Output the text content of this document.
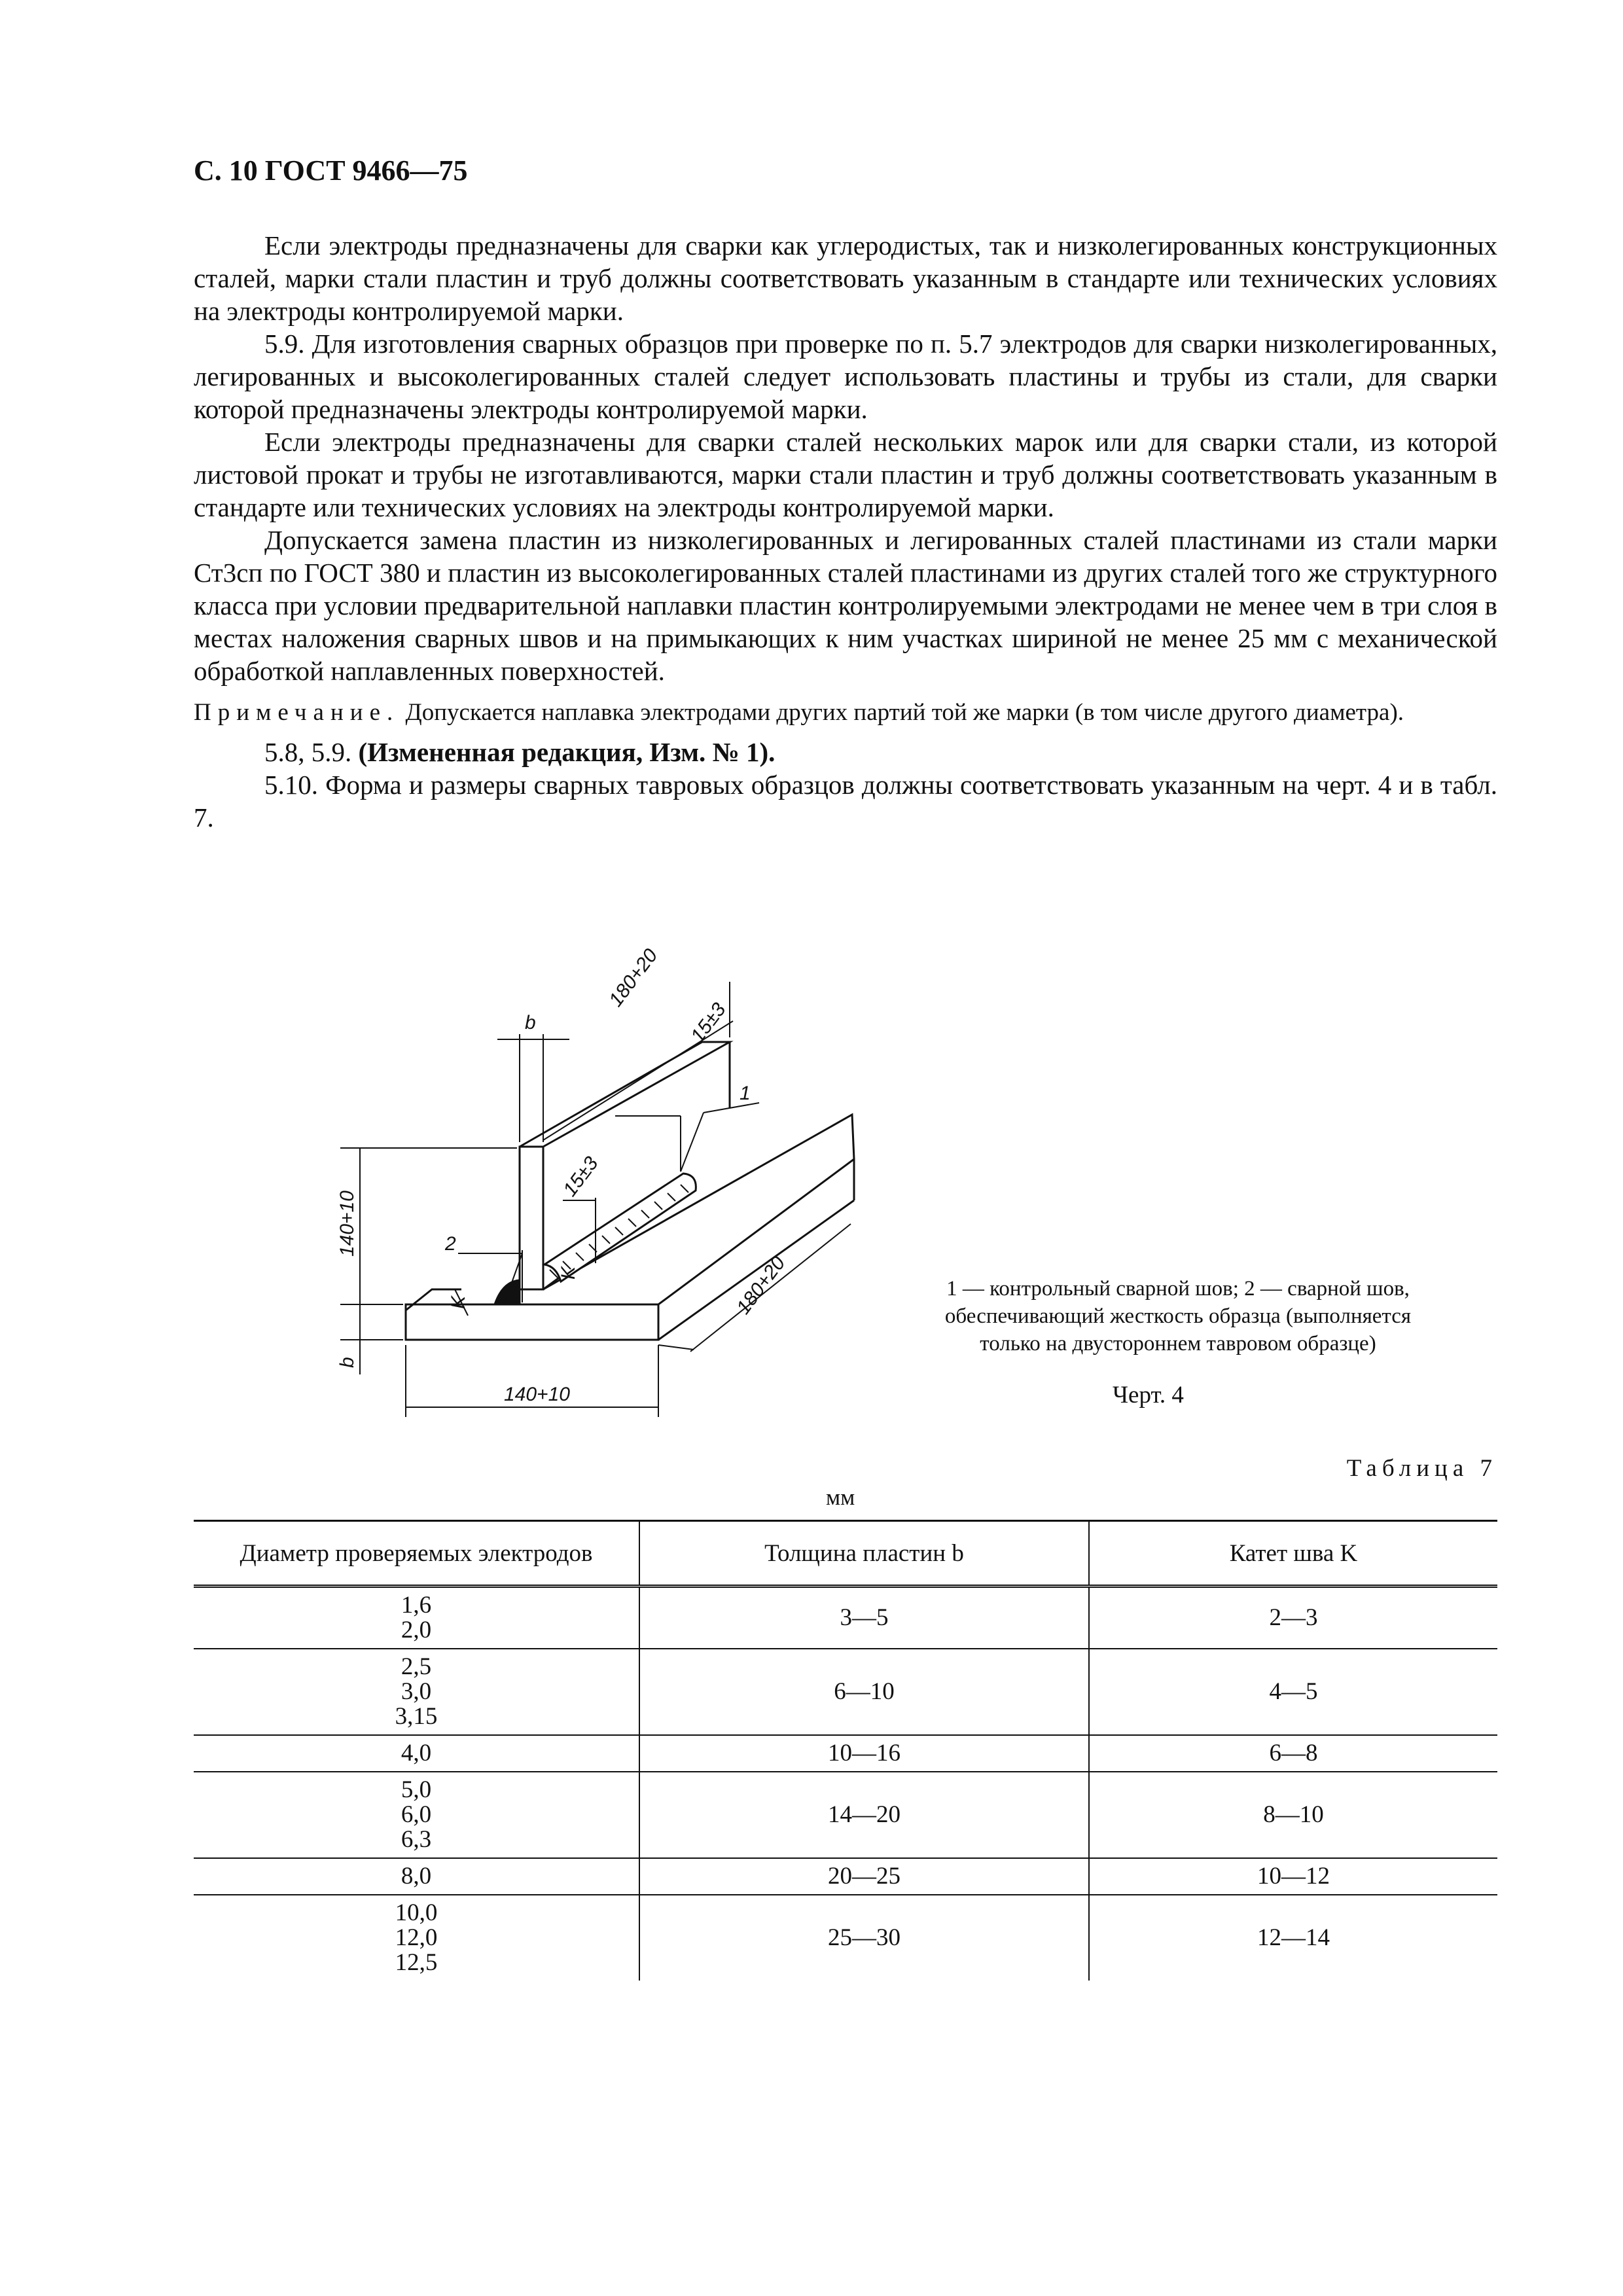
С. 10 ГОСТ 9466—75

Если электроды предназначены для сварки как углеродистых, так и низколегированных конструкционных сталей, марки стали пластин и труб должны соответствовать указанным в стандарте или технических условиях на электроды контролируемой марки.

5.9. Для изготовления сварных образцов при проверке по п. 5.7 электродов для сварки низколегированных, легированных и высоколегированных сталей следует использовать пластины и трубы из стали, для сварки которой предназначены электроды контролируемой марки.

Если электроды предназначены для сварки сталей нескольких марок или для сварки стали, из которой листовой прокат и трубы не изготавливаются, марки стали пластин и труб должны соответствовать указанным в стандарте или технических условиях на электроды контролируемой марки.

Допускается замена пластин из низколегированных и легированных сталей пластинами из стали марки Ст3сп по ГОСТ 380 и пластин из высоколегированных сталей пластинами из других сталей того же структурного класса при условии предварительной наплавки пластин контролируемыми электродами не менее чем в три слоя в местах наложения сварных швов и на примыкающих к ним участках шириной не менее 25 мм с механической обработкой наплавленных поверхностей.

Примечание. Допускается наплавка электродами других партий той же марки (в том числе другого диаметра).

5.8, 5.9. (Измененная редакция, Изм. № 1).

5.10. Форма и размеры сварных тавровых образцов должны соответствовать указанным на черт. 4 и в табл. 7.

140+10
b
140+10
180+20
180+20
b	15±3
15±3
K
K
1
2
1 — контрольный сварной шов; 2 — сварной шов,
обеспечивающий жесткость образца (выполняется
только на двустороннем тавровом образце)
Черт. 4
Таблица 7
мм
Диаметр проверяемых электродов	Толщина пластин b	Катет шва K

1,6
2,0	3—5	2—3

2,5
3,0
3,15	6—10	4—5

4,0	10—16	6—8

5,0
6,0
6,3	14—20	8—10

8,0	20—25	10—12

10,0
12,0
12,5	25—30	12—14
